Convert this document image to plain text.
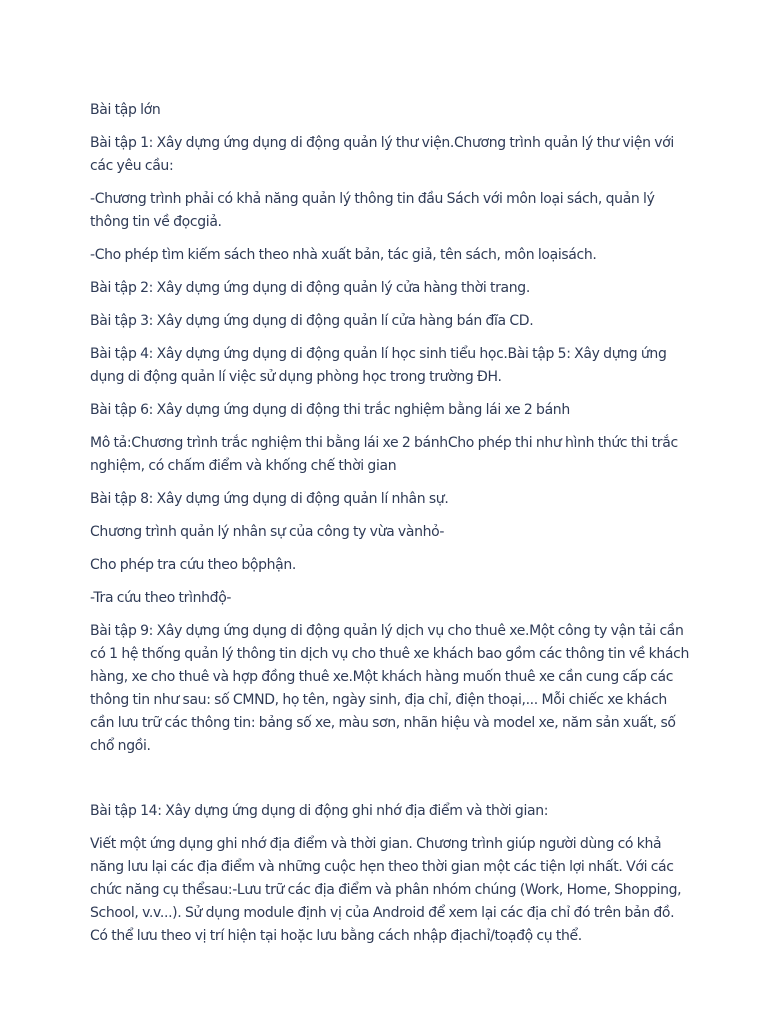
Bài tập lớn

Bài tập 1: Xây dựng ứng dụng di động quản lý thư viện.Chương trình quản lý thư viện với các yêu cầu:

-Chương trình phải có khả năng quản lý thông tin đầu Sách với môn loại sách, quản lý thông tin về đọcgiả.

-Cho phép tìm kiếm sách theo nhà xuất bản, tác giả, tên sách, môn loạisách.

Bài tập 2: Xây dựng ứng dụng di động quản lý cửa hàng thời trang.

Bài tập 3: Xây dựng ứng dụng di động quản lí cửa hàng bán đĩa CD.

Bài tập 4: Xây dựng ứng dụng di động quản lí học sinh tiểu học.Bài tập 5: Xây dựng ứng dụng di động quản lí việc sử dụng phòng học trong trường ĐH.

Bài tập 6: Xây dựng ứng dụng di động thi trắc nghiệm bằng lái xe 2 bánh

Mô tả:Chương trình trắc nghiệm thi bằng lái xe 2 bánhCho phép thi như hình thức thi trắc nghiệm, có chấm điểm và khống chế thời gian

Bài tập 8: Xây dựng ứng dụng di động quản lí nhân sự.

Chương trình quản lý nhân sự của công ty vừa vànhỏ-

Cho phép tra cứu theo bộphận.

-Tra cứu theo trìnhđộ-

Bài tập 9: Xây dựng ứng dụng di động quản lý dịch vụ cho thuê xe.Một công ty vận tải cần có 1 hệ thống quản lý thông tin dịch vụ cho thuê xe khách bao gồm các thông tin về khách hàng, xe cho thuê và hợp đồng thuê xe.Một khách hàng muốn thuê xe cần cung cấp các thông tin như sau: số CMND, họ tên, ngày sinh, địa chỉ, điện thoại,... Mỗi chiếc xe khách cần lưu trữ các thông tin: bảng số xe, màu sơn, nhãn hiệu và model xe, năm sản xuất, số chổ ngồi.

Bài tập 14: Xây dựng ứng dụng di động ghi nhớ địa điểm và thời gian:

Viết một ứng dụng ghi nhớ địa điểm và thời gian. Chương trình giúp người dùng có khả năng lưu lại các địa điểm và những cuộc hẹn theo thời gian một các tiện lợi nhất. Với các chức năng cụ thểsau:-Lưu trữ các địa điểm và phân nhóm chúng (Work, Home, Shopping, School, v.v...). Sử dụng module định vị của Android để xem lại các địa chỉ đó trên bản đồ. Có thể lưu theo vị trí hiện tại hoặc lưu bằng cách nhập địachỉ/toạđộ cụ thể.
